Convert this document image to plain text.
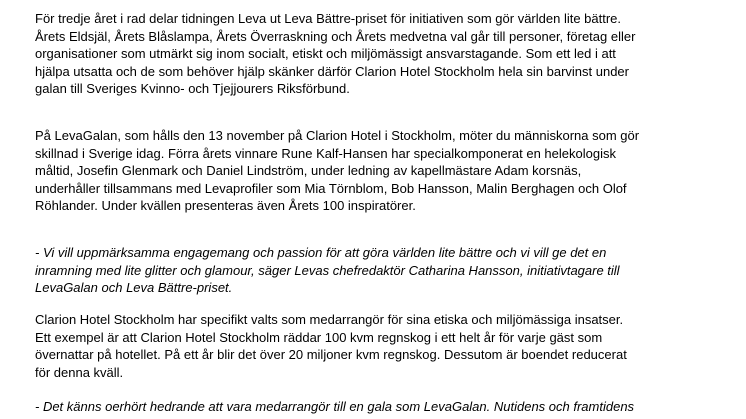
För tredje året i rad delar tidningen Leva ut Leva Bättre-priset för initiativen som gör världen lite bättre.
Årets Eldsjäl, Årets Blåslampa, Årets Överraskning och Årets medvetna val går till personer, företag eller
organisationer som utmärkt sig inom socialt, etiskt och miljömässigt ansvarstagande. Som ett led i att
hjälpa utsatta och de som behöver hjälp skänker därför Clarion Hotel Stockholm hela sin barvinst under
galan till Sveriges Kvinno- och Tjejjourers Riksförbund.

På LevaGalan, som hålls den 13 november på Clarion Hotel i Stockholm, möter du människorna som gör
skillnad i Sverige idag. Förra årets vinnare Rune Kalf-Hansen har specialkomponerat en helekologisk
måltid, Josefin Glenmark och Daniel Lindström, under ledning av kapellmästare Adam korsnäs,
underhåller tillsammans med Levaprofiler som Mia Törnblom, Bob Hansson, Malin Berghagen och Olof
Röhlander. Under kvällen presenteras även Årets 100 inspiratörer.

- Vi vill uppmärksamma engagemang och passion för att göra världen lite bättre och vi vill ge det en
inramning med lite glitter och glamour, säger Levas chefredaktör Catharina Hansson, initiativtagare till
LevaGalan och Leva Bättre-priset.

Clarion Hotel Stockholm har specifikt valts som medarrangör för sina etiska och miljömässiga insatser.
Ett exempel är att Clarion Hotel Stockholm räddar 100 kvm regnskog i ett helt år för varje gäst som
övernattar på hotellet. På ett år blir det över 20 miljoner kvm regnskog. Dessutom är boendet reducerat
för denna kväll.

- Det känns oerhört hedrande att vara medarrangör till en gala som LevaGalan. Nutidens och framtidens
